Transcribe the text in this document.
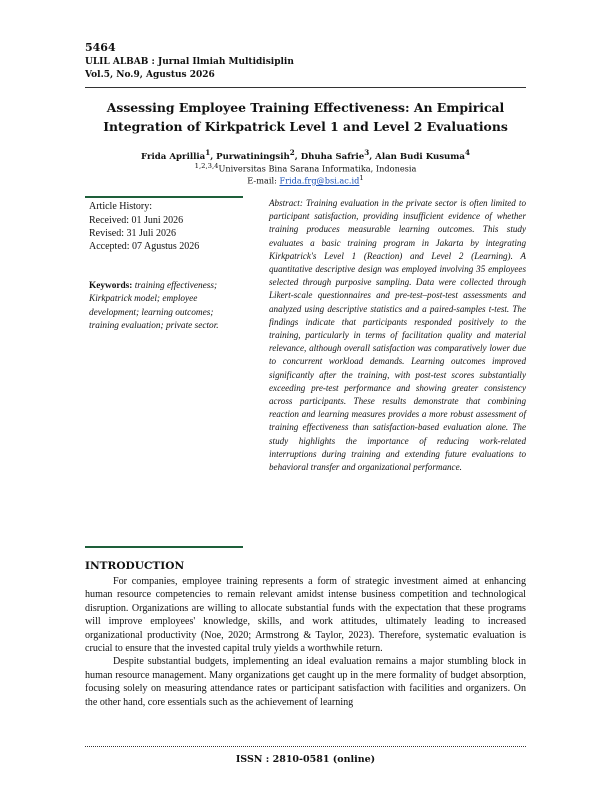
5464
ULIL ALBAB : Jurnal Ilmiah Multidisiplin
Vol.5, No.9, Agustus 2026
Assessing Employee Training Effectiveness: An Empirical
Integration of Kirkpatrick Level 1 and Level 2 Evaluations
Frida Aprillia$^1$, Purwatiningsih$^2$, Dhuha Safrie$^3$, Alan Budi Kusuma$^4$
$^{1,2,3,4}$Universitas Bina Sarana Informatika, Indonesia
E-mail: $Frida.frg@bsi.ac.id^1$
Article History:
Received: 01 Juni 2026
Revised: 31 Juli 2026
Accepted: 07 Agustus 2026
Keywords: training effectiveness; Kirkpatrick model; employee development; learning outcomes; training evaluation; private sector.
Abstract: Training evaluation in the private sector is often limited to participant satisfaction, providing insufficient evidence of whether training produces measurable learning outcomes. This study evaluates a basic training program in Jakarta by integrating Kirkpatrick's Level 1 (Reaction) and Level 2 (Learning). A quantitative descriptive design was employed involving 35 employees selected through purposive sampling. Data were collected through Likert-scale questionnaires and pre-test–post-test assessments and analyzed using descriptive statistics and a paired-samples t-test. The findings indicate that participants responded positively to the training, particularly in terms of facilitation quality and material relevance, although overall satisfaction was comparatively lower due to concurrent workload demands. Learning outcomes improved significantly after the training, with post-test scores substantially exceeding pre-test performance and showing greater consistency across participants. These results demonstrate that combining reaction and learning measures provides a more robust assessment of training effectiveness than satisfaction-based evaluation alone. The study highlights the importance of reducing work-related interruptions during training and extending future evaluations to behavioral transfer and organizational performance.
INTRODUCTION

For companies, employee training represents a form of strategic investment aimed at enhancing human resource competencies to remain relevant amidst intense business competition and technological disruption. Organizations are willing to allocate substantial funds with the expectation that these programs will improve employees' knowledge, skills, and work attitudes, ultimately leading to increased organizational productivity (Noe, 2020; Armstrong & Taylor, 2023). Therefore, systematic evaluation is crucial to ensure that the invested capital truly yields a worthwhile return.

Despite substantial budgets, implementing an ideal evaluation remains a major stumbling block in human resource management. Many organizations get caught up in the mere formality of budget absorption, focusing solely on measuring attendance rates or participant satisfaction with facilities and organizers. On the other hand, core essentials such as the achievement of learning

ISSN : 2810-0581 (online)
